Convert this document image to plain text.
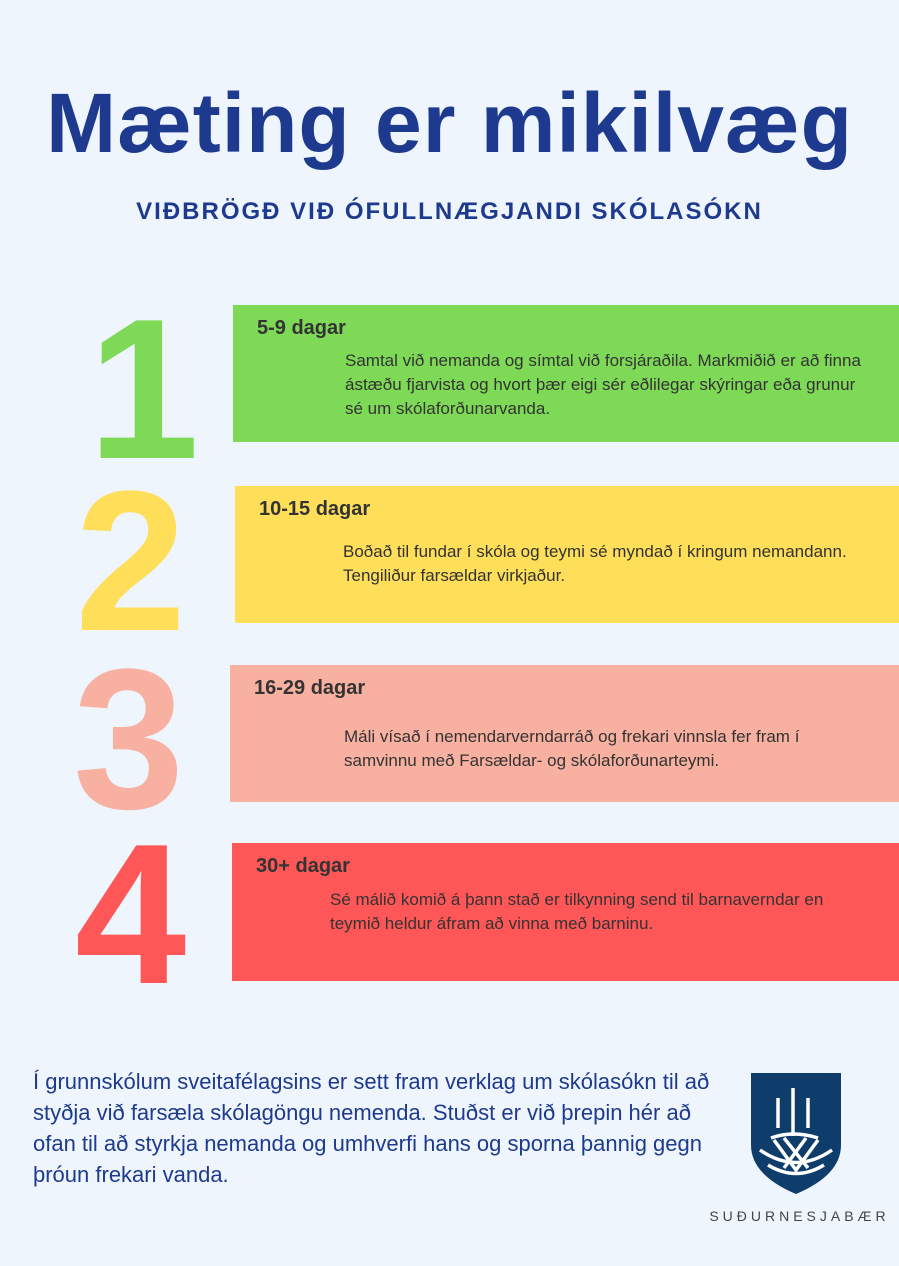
Mæting er mikilvæg
VIÐBRÖGÐ VIÐ ÓFULLNÆGJANDI SKÓLASÓKN
1	5-9 dagar

Samtal við nemanda og símtal við forsjáraðila. Markmiðið er að finna ástæðu fjarvista og hvort þær eigi sér eðlilegar skýringar eða grunur sé um skólaforðunarvanda.

2	10-15 dagar

Boðað til fundar í skóla og teymi sé myndað í kringum nemandann. Tengiliður farsældar virkjaður.

3	16-29 dagar

Máli vísað í nemendarverndarráð og frekari vinnsla fer fram í samvinnu með Farsældar- og skólaforðunarteymi.

4	30+ dagar

Sé málið komið á þann stað er tilkynning send til barnaverndar en teymið heldur áfram að vinna með barninu.

Í grunnskólum sveitafélagsins er sett fram verklag um skólasókn til að styðja við farsæla skólagöngu nemenda. Stuðst er við þrepin hér að ofan til að styrkja nemanda og umhverfi hans og sporna þannig gegn þróun frekari vanda.

SUÐURNESJABÆR
